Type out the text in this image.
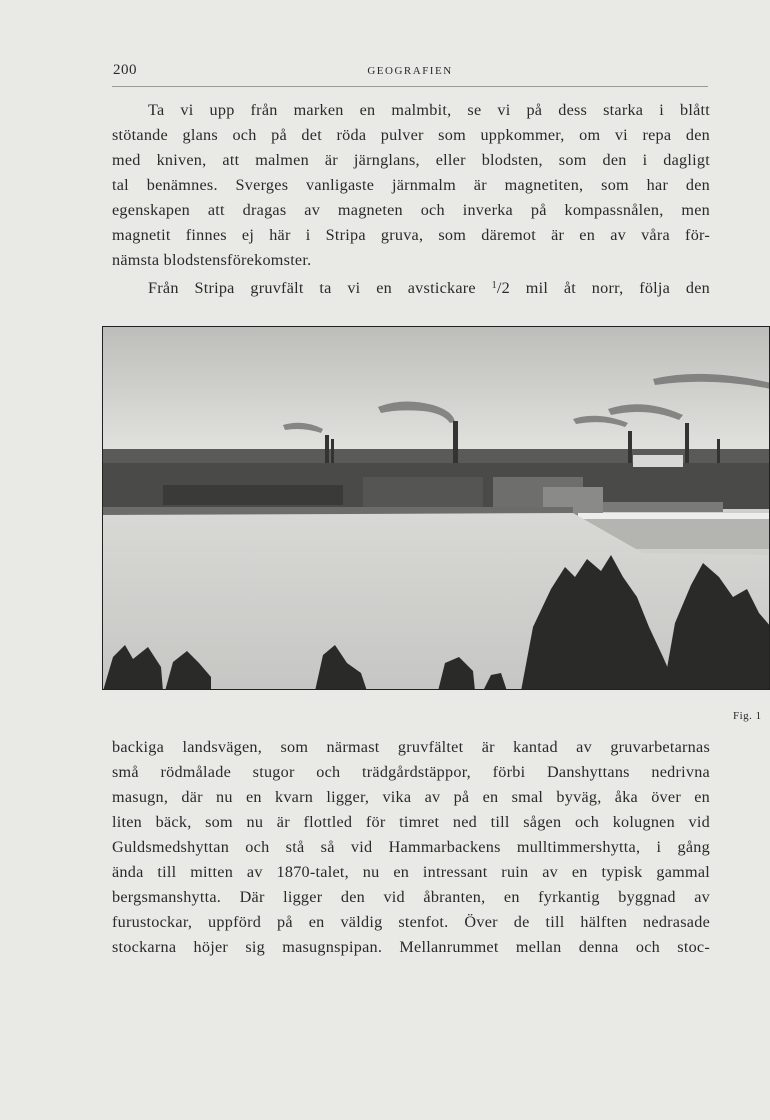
200	GEOGRAFIEN
Ta vi upp från marken en malmbit, se vi på dess starka i blått
stötande glans och på det röda pulver som uppkommer, om vi repa den
med kniven, att malmen är järnglans, eller blodsten, som den i dagligt
tal benämnes. Sverges vanligaste järnmalm är magnetiten, som har den
egenskapen att dragas av magneten och inverka på kompassnålen, men
magnetit finnes ej här i Stripa gruva, som däremot är en av våra för-
nämsta blodstensförekomster.
Från Stripa gruvfält ta vi en avstickare $^1$/2 mil åt norr, följa den
Fig. 1
backiga landsvägen, som närmast gruvfältet är kantad av gruvarbetarnas
små rödmålade stugor och trädgårdstäppor, förbi Danshyttans nedrivna
masugn, där nu en kvarn ligger, vika av på en smal byväg, åka över en
liten bäck, som nu är flottled för timret ned till sågen och kolugnen vid
Guldsmedshyttan och stå så vid Hammarbackens mulltimmershytta, i gång
ända till mitten av 1870-talet, nu en intressant ruin av en typisk gammal
bergsmanshytta. Där ligger den vid åbranten, en fyrkantig byggnad av
furustockar, uppförd på en väldig stenfot. Över de till hälften nedrasade
stockarna höjer sig masugnspipan. Mellanrummet mellan denna och stoc-
